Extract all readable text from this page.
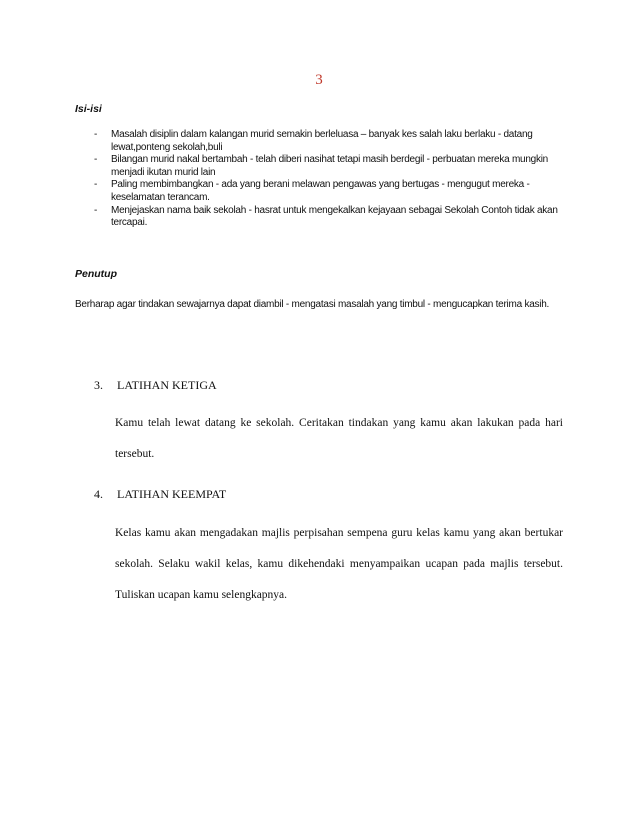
3
Isi-isi
- Masalah disiplin dalam kalangan murid semakin berleluasa – banyak kes salah laku berlaku - datang lewat,ponteng sekolah,buli
- Bilangan murid nakal bertambah - telah diberi nasihat tetapi masih berdegil - perbuatan mereka mungkin menjadi ikutan murid lain
- Paling membimbangkan - ada yang berani melawan pengawas yang bertugas - mengugut mereka - keselamatan terancam.
- Menjejaskan nama baik sekolah - hasrat untuk mengekalkan kejayaan sebagai Sekolah Contoh tidak akan tercapai.
Penutup
Berharap agar tindakan sewajarnya dapat diambil - mengatasi masalah yang timbul - mengucapkan terima kasih.
3. LATIHAN KETIGA
Kamu telah lewat datang ke sekolah. Ceritakan tindakan yang kamu akan lakukan pada hari tersebut.
4. LATIHAN KEEMPAT
Kelas kamu akan mengadakan majlis perpisahan sempena guru kelas kamu yang akan bertukar sekolah. Selaku wakil kelas, kamu dikehendaki menyampaikan ucapan pada majlis tersebut. Tuliskan ucapan kamu selengkapnya.
